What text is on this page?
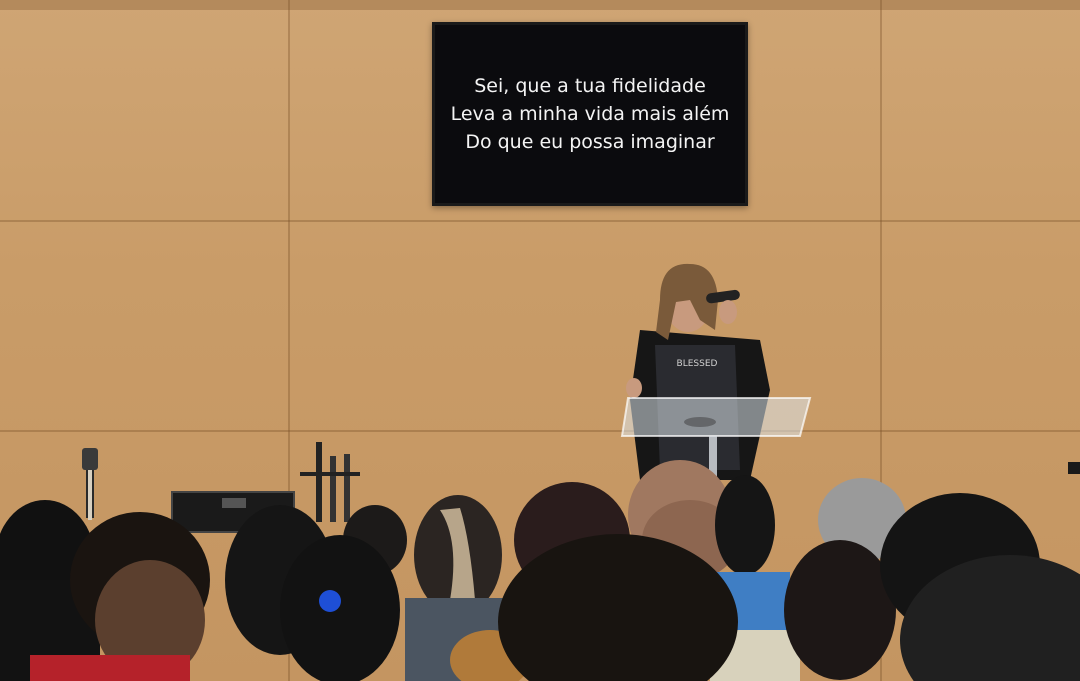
Sei, que a tua fidelidade
Leva a minha vida mais além
Do que eu possa imaginar
BLESSED
